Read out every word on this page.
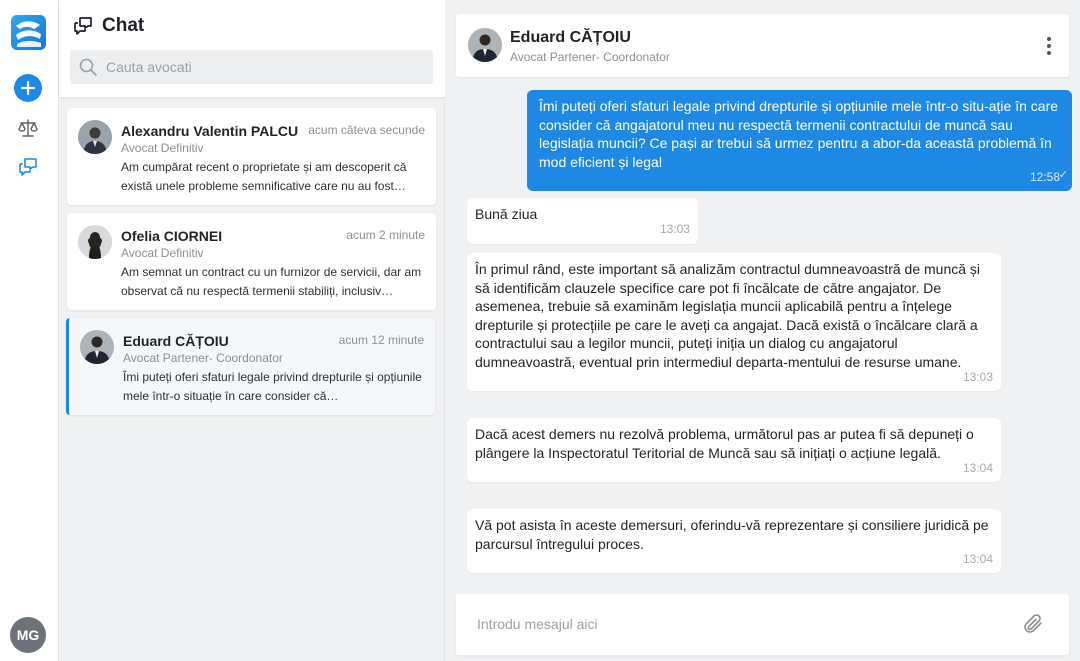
MG
Chat
Cauta avocati
Alexandru Valentin PALCU acum câteva secunde
Avocat Definitiv
Am cumpărat recent o proprietate și am descoperit că există unele probleme semnificative care nu au fost…
Ofelia CIORNEI	acum 2 minute
Avocat Definitiv
Am semnat un contract cu un furnizor de servicii, dar am observat că nu respectă termenii stabiliți, inclusiv…
Eduard CĂȚOIU	acum 12 minute
Avocat Partener- Coordonator
Îmi puteți oferi sfaturi legale privind drepturile și opțiunile mele într-o situație în care consider că…
Eduard CĂȚOIU
Avocat Partener- Coordonator
Îmi puteți oferi sfaturi legale privind drepturile și opțiunile mele într-o situ-ație în care consider că angajatorul meu nu respectă termenii contractului de muncă sau legislația muncii? Ce pași ar trebui să urmez pentru a abor-da această problemă în mod eficient și legal
12:58
✓
Bună ziua
13:03
În primul rând, este important să analizăm contractul dumneavoastră de muncă și să identificăm clauzele specifice care pot fi încălcate de către angajator. De asemenea, trebuie să examinăm legislația muncii aplicabilă pentru a înțelege drepturile și protecțiile pe care le aveți ca angajat. Dacă există o încălcare clară a contractului sau a legilor muncii, puteți iniția un dialog cu angajatorul dumneavoastră, eventual prin intermediul departa-mentului de resurse umane.
13:03
Dacă acest demers nu rezolvă problema, următorul pas ar putea fi să depuneți o plângere la Inspectoratul Teritorial de Muncă sau să inițiați o acțiune legală.
13:04
Vă pot asista în aceste demersuri, oferindu-vă reprezentare și consiliere juridică pe parcursul întregului proces.
13:04
Introdu mesajul aici
